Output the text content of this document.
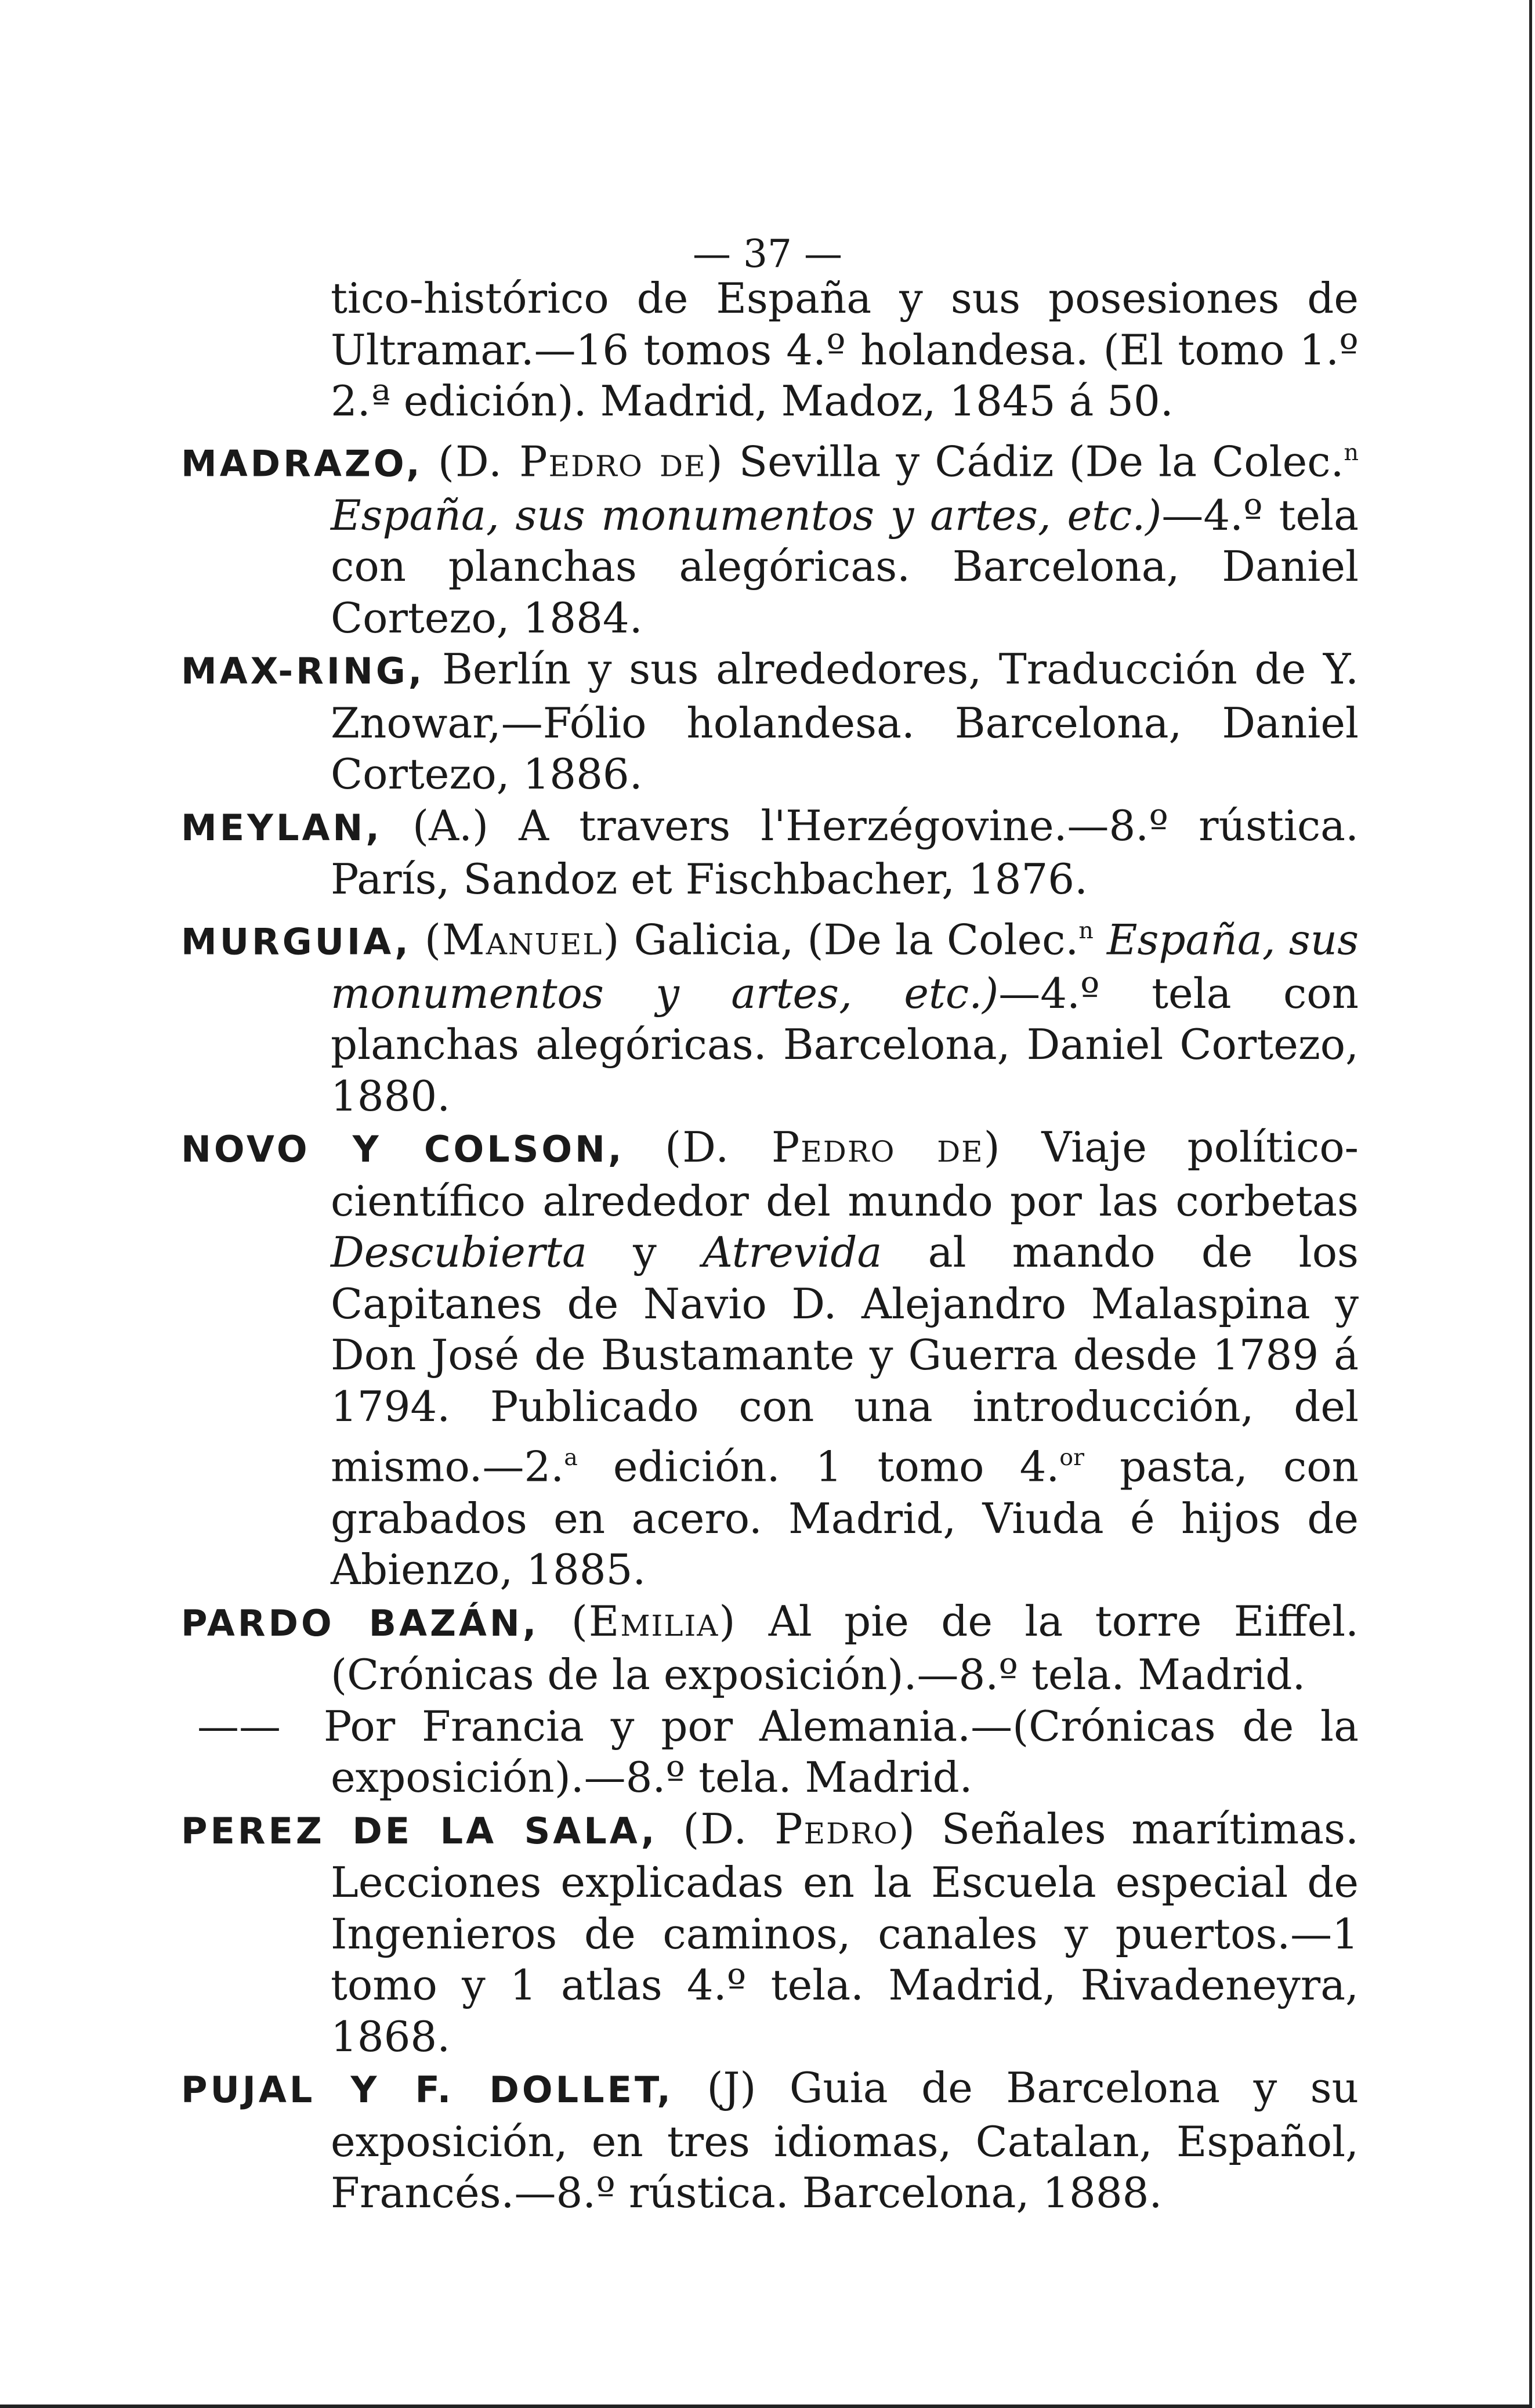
— 37 —
tico-histórico de España y sus posesiones de Ultramar.—16 tomos 4.º holandesa. (El tomo 1.º 2.ª edición). Madrid, Madoz, 1845 á 50.
MADRAZO, (D. Pedro de) Sevilla y Cádiz (De la Colec.$^n$ España, sus monumentos y artes, etc.)—4.º tela con planchas alegóricas. Barcelona, Daniel Cortezo, 1884.
MAX-RING, Berlín y sus alrededores, Traducción de Y. Znowar,—Fólio holandesa. Barcelona, Daniel Cortezo, 1886.
MEYLAN, (A.) A travers l'Herzégovine.—8.º rústica. París, Sandoz et Fischbacher, 1876.
MURGUIA, (Manuel) Galicia, (De la Colec.$^n$ España, sus monumentos y artes, etc.)—4.º tela con planchas alegóricas. Barcelona, Daniel Cortezo, 1880.
NOVO Y COLSON, (D. Pedro de) Viaje político-científico alrededor del mundo por las corbetas Descubierta y Atrevida al mando de los Capitanes de Navio D. Alejandro Malaspina y Don José de Bustamante y Guerra desde 1789 á 1794. Publicado con una introducción, del mismo.—2.$^a$ edición. 1 tomo 4.$^{or}$ pasta, con grabados en acero. Madrid, Viuda é hijos de Abienzo, 1885.
PARDO BAZÁN, (Emilia) Al pie de la torre Eiffel. (Crónicas de la exposición).—8.º tela. Madrid.
—— Por Francia y por Alemania.—(Crónicas de la exposición).—8.º tela. Madrid.
PEREZ DE LA SALA, (D. Pedro) Señales marítimas. Lecciones explicadas en la Escuela especial de Ingenieros de caminos, canales y puertos.—1 tomo y 1 atlas 4.º tela. Madrid, Rivadeneyra, 1868.
PUJAL Y F. DOLLET, (J) Guia de Barcelona y su exposición, en tres idiomas, Catalan, Español, Francés.—8.º rústica. Barcelona, 1888.
